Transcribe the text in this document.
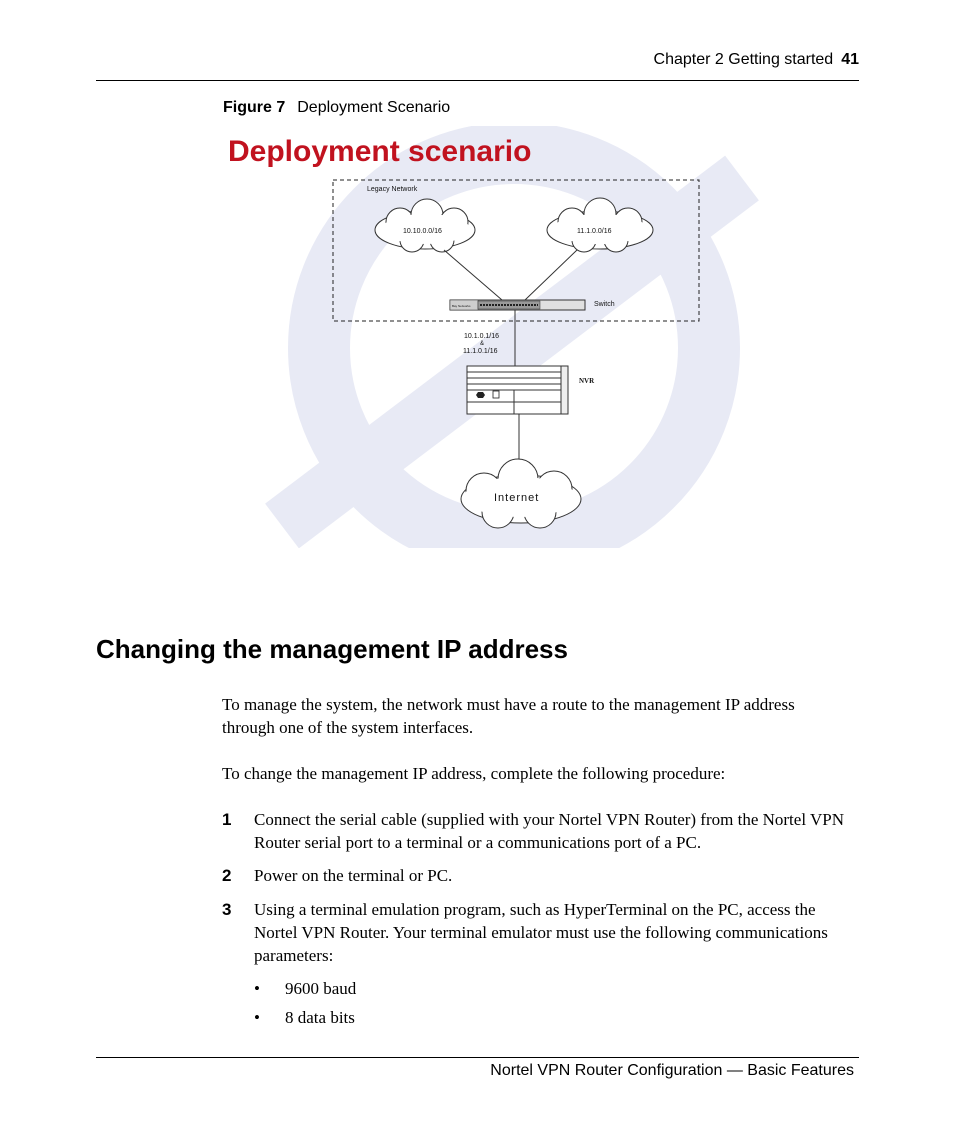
Chapter 2 Getting started 41
Figure 7 Deployment Scenario
Deployment scenario
Legacy Network
10.10.0.0/16	11.1.0.0/16
Bay Networks	Switch
10.1.0.1/16
&
11.1.0.1/16
NVR
Internet
Changing the management IP address

To manage the system, the network must have a route to the management IP address through one of the system interfaces.

To change the management IP address, complete the following procedure:

1 Connect the serial cable (supplied with your Nortel VPN Router) from the Nortel VPN Router serial port to a terminal or a communications port of a PC.
2 Power on the terminal or PC.
3 Using a terminal emulation program, such as HyperTerminal on the PC, access the Nortel VPN Router. Your terminal emulator must use the following communications parameters:
• 9600 baud
• 8 data bits
Nortel VPN Router Configuration — Basic Features
